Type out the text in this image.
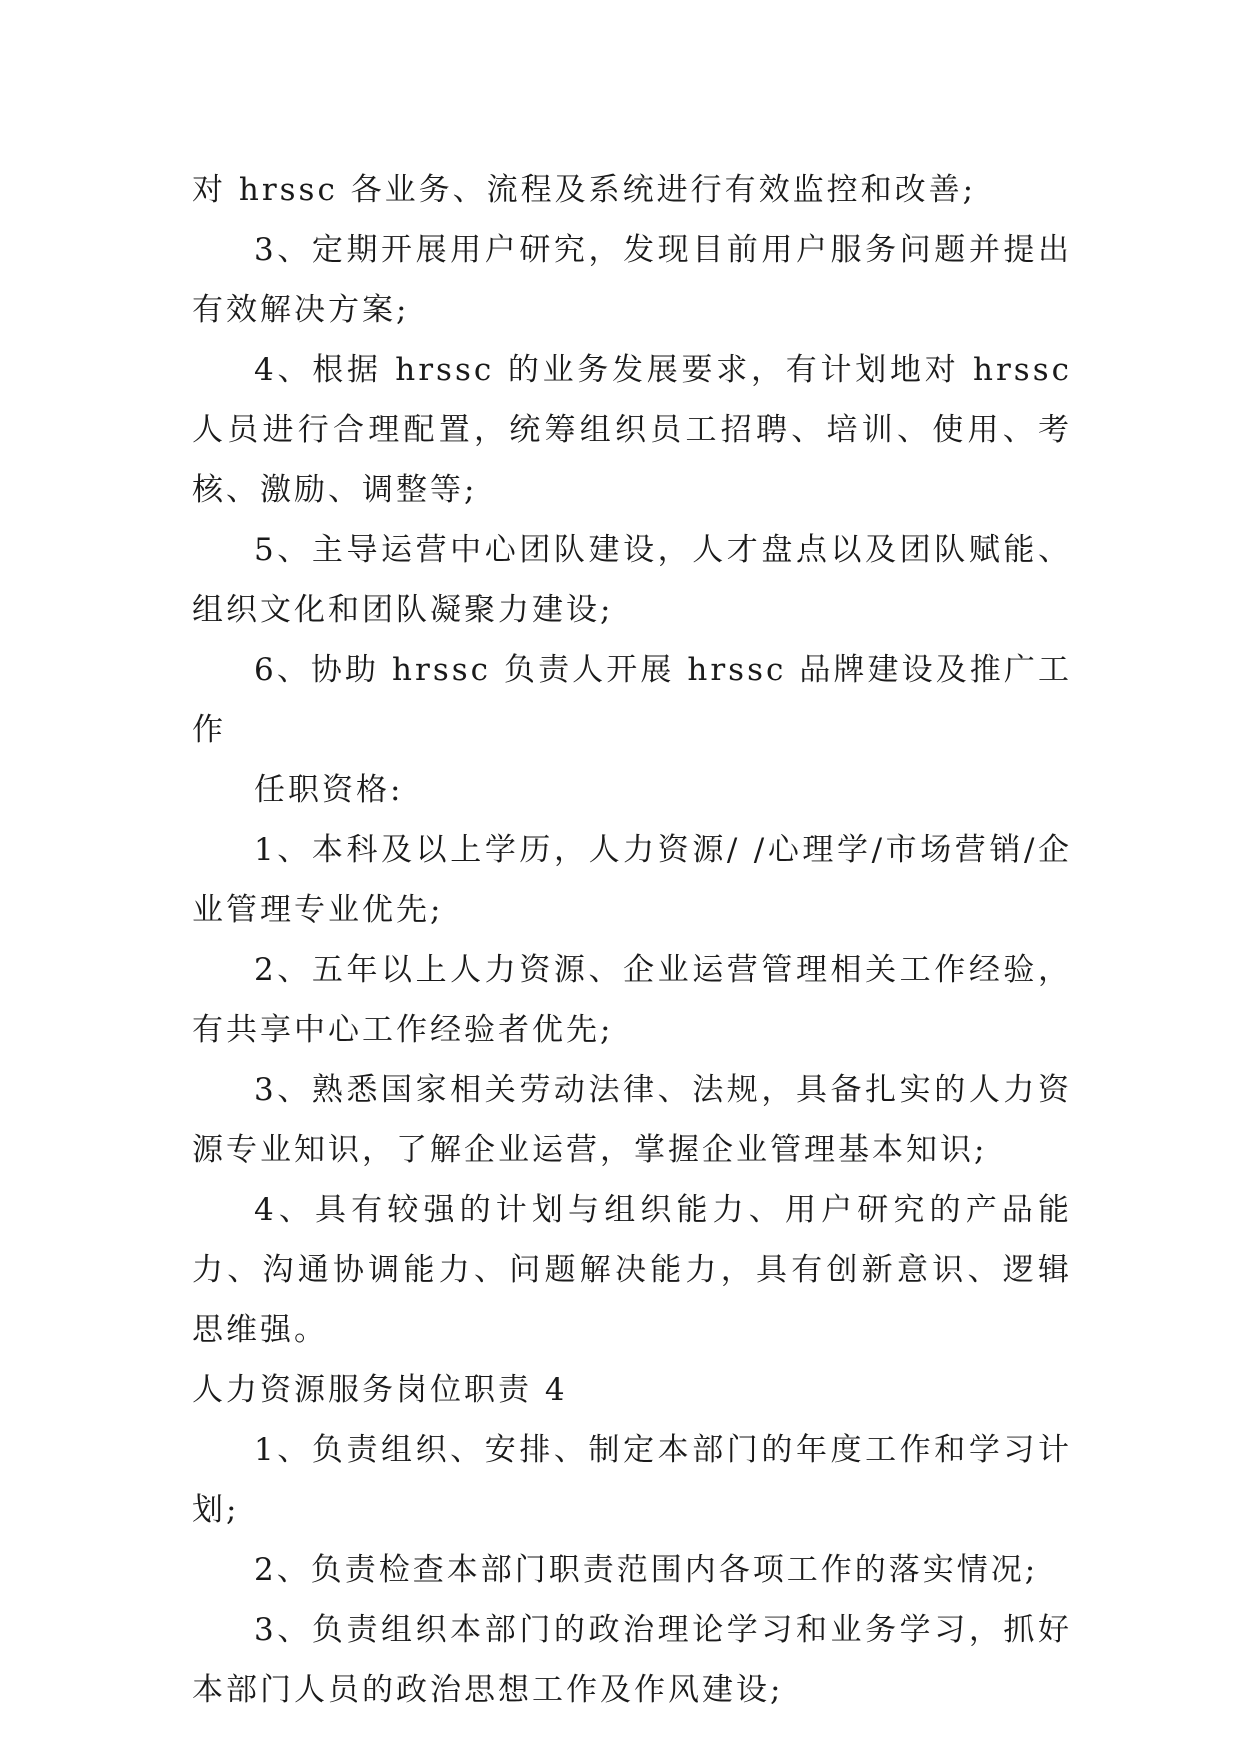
对 hrssc 各业务、流程及系统进行有效监控和改善;

3、定期开展用户研究，发现目前用户服务问题并提出有效解决方案;

4、根据 hrssc 的业务发展要求，有计划地对 hrssc 人员进行合理配置，统筹组织员工招聘、培训、使用、考核、激励、调整等;

5、主导运营中心团队建设，人才盘点以及团队赋能、组织文化和团队凝聚力建设;

6、协助 hrssc 负责人开展 hrssc 品牌建设及推广工作

任职资格:

1、本科及以上学历，人力资源/ /心理学/市场营销/企业管理专业优先;

2、五年以上人力资源、企业运营管理相关工作经验，有共享中心工作经验者优先;

3、熟悉国家相关劳动法律、法规，具备扎实的人力资源专业知识，了解企业运营，掌握企业管理基本知识;

4、具有较强的计划与组织能力、用户研究的产品能力、沟通协调能力、问题解决能力，具有创新意识、逻辑思维强。

人力资源服务岗位职责 4

1、负责组织、安排、制定本部门的年度工作和学习计划;

2、负责检查本部门职责范围内各项工作的落实情况;

3、负责组织本部门的政治理论学习和业务学习，抓好本部门人员的政治思想工作及作风建设;
